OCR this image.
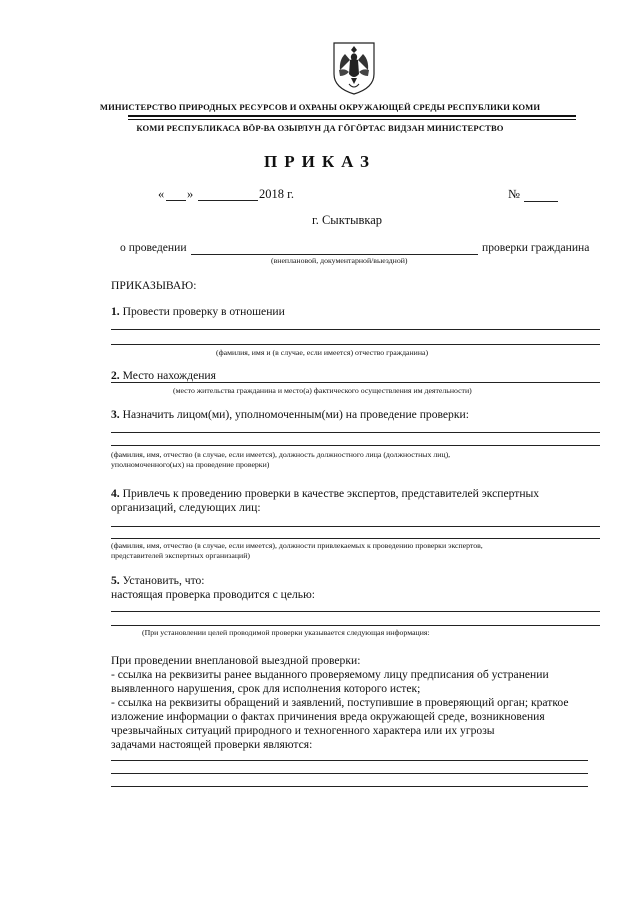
МИНИСТЕРСТВО ПРИРОДНЫХ РЕСУРСОВ И ОХРАНЫ ОКРУЖАЮЩЕЙ СРЕДЫ РЕСПУБЛИКИ КОМИ
КОМИ РЕСПУБЛИКАСА ВӦР-ВА ОЗЫРЛУН ДА ГӦГӦРТАС ВИДЗАН МИНИСТЕРСТВО
ПРИКАЗ
« »	2018 г.	№
г. Сыктывкар
о проведении	проверки гражданина
(внеплановой, документарной/выездной)
ПРИКАЗЫВАЮ:
1. Провести проверку в отношении
(фамилия, имя и (в случае, если имеется) отчество гражданина)
2. Место нахождения
(место жительства гражданина и место(а) фактического осуществления им деятельности)
3. Назначить лицом(ми), уполномоченным(ми) на проведение проверки:
(фамилия, имя, отчество (в случае, если имеется), должность должностного лица (должностных лиц),
уполномоченного(ых) на проведение проверки)
4. Привлечь к проведению проверки в качестве экспертов, представителей экспертных
организаций, следующих лиц:
(фамилия, имя, отчество (в случае, если имеется), должности привлекаемых к проведению проверки экспертов,
представителей экспертных организаций)
5. Установить, что:
настоящая проверка проводится с целью:
(При установлении целей проводимой проверки указывается следующая информация:
При проведении внеплановой выездной проверки:
- ссылка на реквизиты ранее выданного проверяемому лицу предписания об устранении
выявленного нарушения, срок для исполнения которого истек;
- ссылка на реквизиты обращений и заявлений, поступившие в проверяющий орган; краткое
изложение информации о фактах причинения вреда окружающей среде, возникновения
чрезвычайных ситуаций природного и техногенного характера или их угрозы
задачами настоящей проверки являются:
